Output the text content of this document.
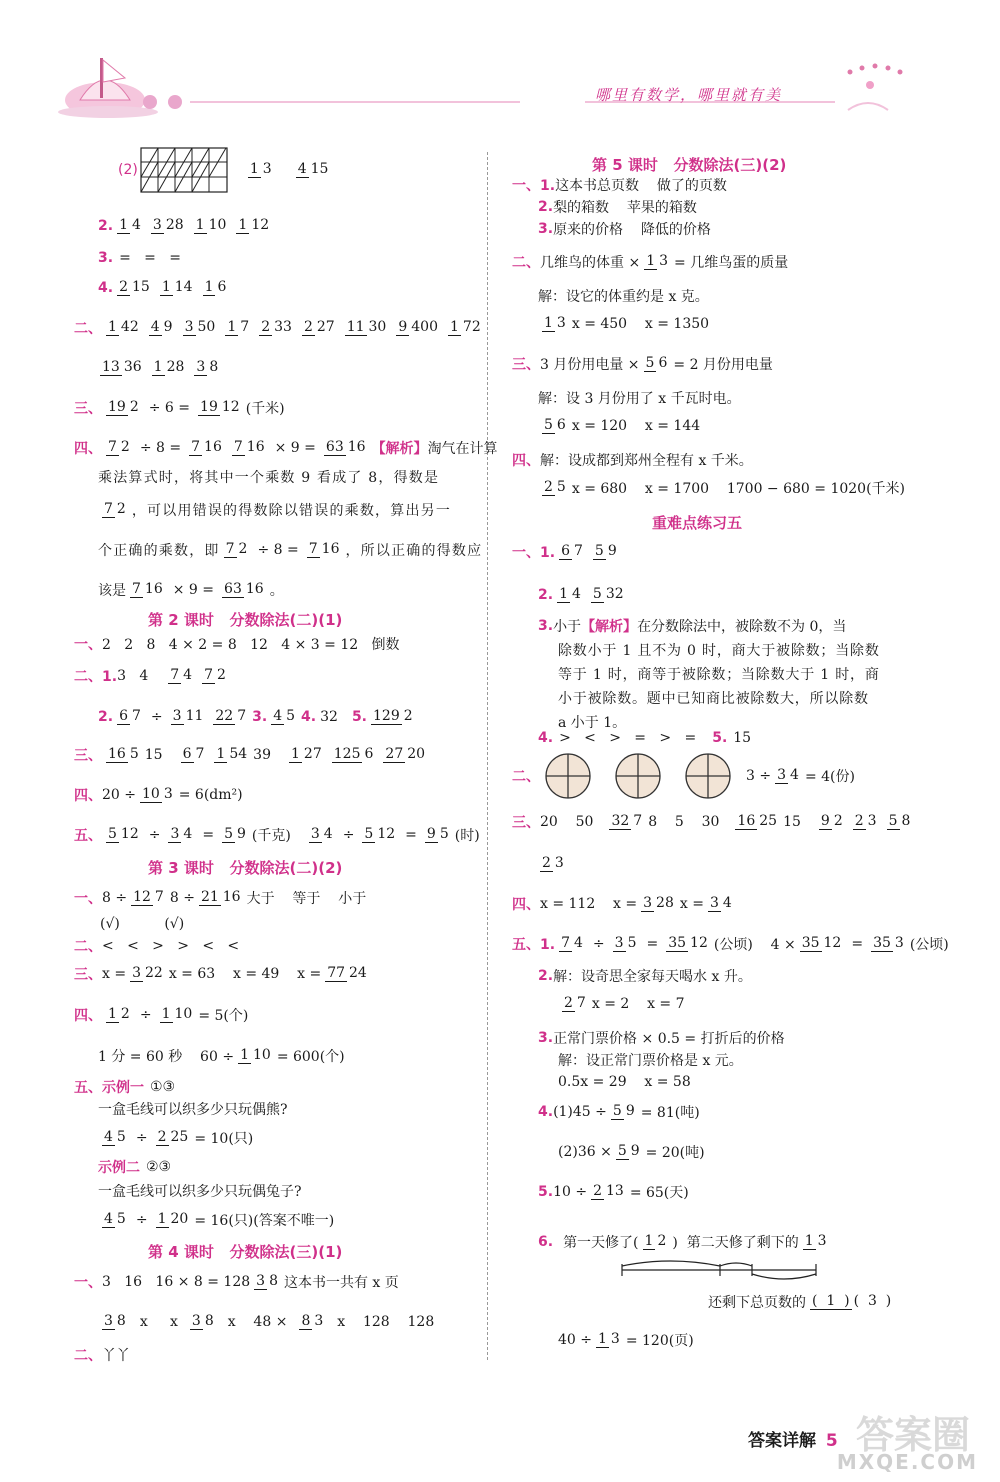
哪里有数学，哪里就有美
(2)	1 3 4 15
2. 1 4 3 28 1 10 1 12
3. =   =   =
4. 2 15 1 14 1 6
二、 1 42 4 9 3 50 1 7 2 33 2 27 11 30 9 400 1 72
13 36 1 28 3 8
三、 19 2 ÷ 6 = 19 12 (千米)
四、 7 2 ÷ 8 = 7 16 7 16 × 9 = 63 16 【解析】 淘气在计算
乘法算式时，将其中一个乘数 9 看成了 8，得数是
7 2 ，可以用错误的得数除以错误的乘数，算出另一
个正确的乘数，即 7 2 ÷ 8 = 7 16 ，所以正确的得数应
该是 7 16 × 9 = 63 16 。
第 2 课时   分数除法(二)(1)
一、 2   2   8   4 × 2 = 8   12   4 × 3 = 12   倒数
二、1. 3   4 7 4 7 2
2. 6 7 ÷ 3 11 22 7 3. 4 5 4. 32 5. 129 2
三、 16 5 15 6 7 1 54 39 1 27 125 6 27 20
四、 20 ÷ 10 3 = 6(dm²)
五、 5 12 ÷ 3 4 = 5 9 (千克) 3 4 ÷ 5 12 = 9 5 (时)
第 3 课时   分数除法(二)(2)
一、 8 ÷ 12 7 8 ÷ 21 16 大于    等于    小于
(√)          (√)
二、 <   <   >   >   <   <
三、 x = 3 22 x = 63    x = 49    x = 77 24
四、 1 2 ÷ 1 10 = 5(个)
1 分 = 60 秒    60 ÷ 1 10 = 600(个)
五、示例一 ①③
一盒毛线可以织多少只玩偶熊?
4 5 ÷ 2 25 = 10(只)
示例二 ②③
一盒毛线可以织多少只玩偶兔子?
4 5 ÷ 1 20 = 16(只)(答案不唯一)
第 4 课时   分数除法(三)(1)
一、 3   16   16 × 8 = 128 3 8 这本书一共有 x 页
3 8 x     x 3 8 x    48 × 8 3 x    128    128
二、 丫丫
第 5 课时   分数除法(三)(2)
一、1. 这本书总页数    做了的页数
2. 梨的箱数    苹果的箱数
3. 原来的价格    降低的价格
二、 几维鸟的体重 × 1 3 = 几维鸟蛋的质量
解：设它的体重约是 x 克。
1 3 x = 450    x = 1350
三、 3 月份用电量 × 5 6 = 2 月份用电量
解：设 3 月份用了 x 千瓦时电。
5 6 x = 120    x = 144
四、 解：设成都到郑州全程有 x 千米。
2 5 x = 680    x = 1700    1700 − 680 = 1020(千米)
重难点练习五
一、1. 6 7 5 9
2. 1 4 5 32
3. 小于 【解析】 在分数除法中，被除数不为 0，当
除数小于 1 且不为 0 时，商大于被除数；当除数
等于 1 时，商等于被除数；当除数大于 1 时，商
小于被除数。题中已知商比被除数大，所以除数
a 小于 1。
4. >   <   >   =   >   = 5. 15
二、	3 ÷ 3 4 = 4(份)
三、 20    50 32 7 8    5    30 16 25 15 9 2 2 3 5 8
2 3
四、 x = 112    x = 3 28 x = 3 4
五、1. 7 4 ÷ 3 5 = 35 12 (公顷)    4 × 35 12 = 35 3 (公顷)
2. 解：设奇思全家每天喝水 x 升。
2 7 x = 2    x = 7
3. 正常门票价格 × 0.5 = 打折后的价格
解：设正常门票价格是 x 元。
0.5x = 29    x = 58
4. (1)45 ÷ 5 9 = 81(吨)
(2)36 × 5 9 = 20(吨)
5. 10 ÷ 2 13 = 65(天)
6. 第一天修了( 1 2 )  第二天修了剩下的 1 3
还剩下总页数的 (  1  ) (  3  )
40 ÷ 1 3 = 120(页)
答案详解 5 答案圈
MXQE.COM
